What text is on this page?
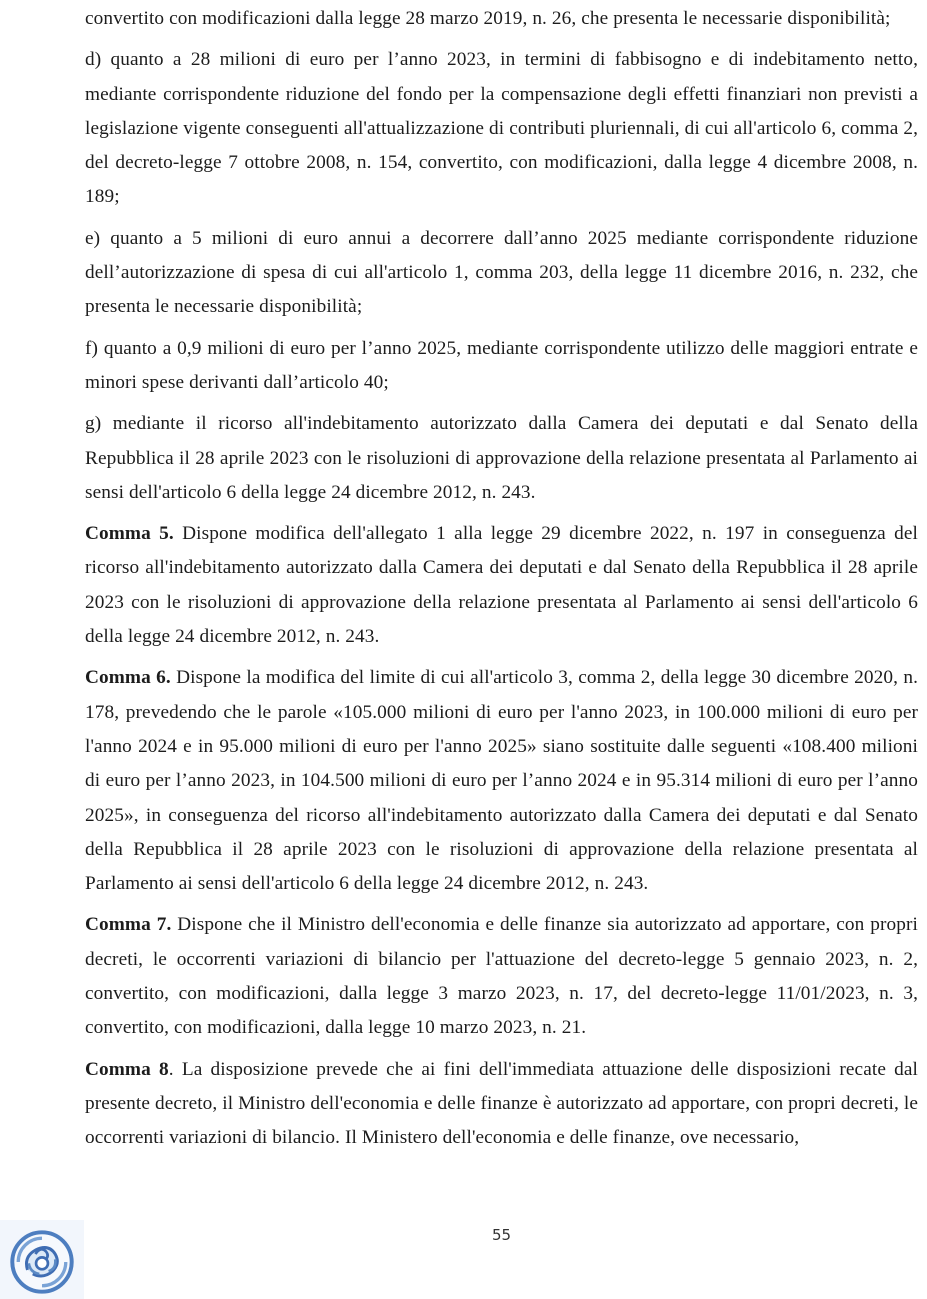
convertito con modificazioni dalla legge 28 marzo 2019, n. 26, che presenta le necessarie disponibilità;

d) quanto a 28 milioni di euro per l’anno 2023, in termini di fabbisogno e di indebitamento netto, mediante corrispondente riduzione del fondo per la compensazione degli effetti finanziari non previsti a legislazione vigente conseguenti all'attualizzazione di contributi pluriennali, di cui all'articolo 6, comma 2, del decreto-legge 7 ottobre 2008, n. 154, convertito, con modificazioni, dalla legge 4 dicembre 2008, n. 189;

e) quanto a 5 milioni di euro annui a decorrere dall’anno 2025 mediante corrispondente riduzione dell’autorizzazione di spesa di cui all'articolo 1, comma 203, della legge 11 dicembre 2016, n. 232, che presenta le necessarie disponibilità;

f) quanto a 0,9 milioni di euro per l’anno 2025, mediante corrispondente utilizzo delle maggiori entrate e minori spese derivanti dall’articolo 40;

g) mediante il ricorso all'indebitamento autorizzato dalla Camera dei deputati e dal Senato della Repubblica il 28 aprile 2023 con le risoluzioni di approvazione della relazione presentata al Parlamento ai sensi dell'articolo 6 della legge 24 dicembre 2012, n. 243.

Comma 5. Dispone modifica dell'allegato 1 alla legge 29 dicembre 2022, n. 197 in conseguenza del ricorso all'indebitamento autorizzato dalla Camera dei deputati e dal Senato della Repubblica il 28 aprile 2023 con le risoluzioni di approvazione della relazione presentata al Parlamento ai sensi dell'articolo 6 della legge 24 dicembre 2012, n. 243.

Comma 6. Dispone la modifica del limite di cui all'articolo 3, comma 2, della legge 30 dicembre 2020, n. 178, prevedendo che le parole «105.000 milioni di euro per l'anno 2023, in 100.000 milioni di euro per l'anno 2024 e in 95.000 milioni di euro per l'anno 2025» siano sostituite dalle seguenti «108.400 milioni di euro per l’anno 2023, in 104.500 milioni di euro per l’anno 2024 e in 95.314 milioni di euro per l’anno 2025», in conseguenza del ricorso all'indebitamento autorizzato dalla Camera dei deputati e dal Senato della Repubblica il 28 aprile 2023 con le risoluzioni di approvazione della relazione presentata al Parlamento ai sensi dell'articolo 6 della legge 24 dicembre 2012, n. 243.

Comma 7. Dispone che il Ministro dell'economia e delle finanze sia autorizzato ad apportare, con propri decreti, le occorrenti variazioni di bilancio per l'attuazione del decreto-legge 5 gennaio 2023, n. 2, convertito, con modificazioni, dalla legge 3 marzo 2023, n. 17, del decreto-legge 11/01/2023, n. 3, convertito, con modificazioni, dalla legge 10 marzo 2023, n. 21.

Comma 8. La disposizione prevede che ai fini dell'immediata attuazione delle disposizioni recate dal presente decreto, il Ministro dell'economia e delle finanze è autorizzato ad apportare, con propri decreti, le occorrenti variazioni di bilancio. Il Ministero dell'economia e delle finanze, ove necessario,

55
